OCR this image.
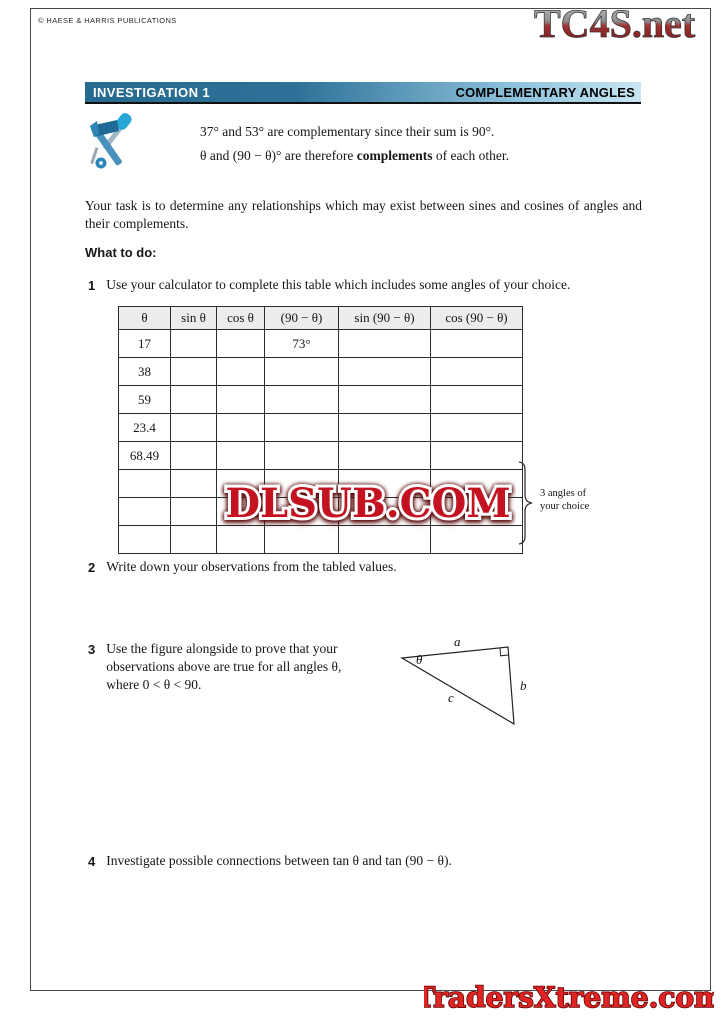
© HAESE & HARRIS PUBLICATIONS	TC4S.net
INVESTIGATION 1	COMPLEMENTARY ANGLES
37° and 53° are complementary since their sum is 90°.
θ and (90 − θ)° are therefore complements of each other.
Your task is to determine any relationships which may exist between sines and cosines of angles and their complements.
What to do:
1 Use your calculator to complete this table which includes some angles of your choice.
θ	sin θ	cos θ	(90 − θ)	sin (90 − θ)	cos (90 − θ)
17			73°		
38					
59					
23.4					
68.49					

3 angles of
your choice
DLSUB.COM
2 Write down your observations from the tabled values.
3 Use the figure alongside to prove that your observations above are true for all angles θ, where 0 < θ < 90.
a
b
c
θ
4 Investigate possible connections between tan θ and tan (90 − θ).
TradersXtreme.com
